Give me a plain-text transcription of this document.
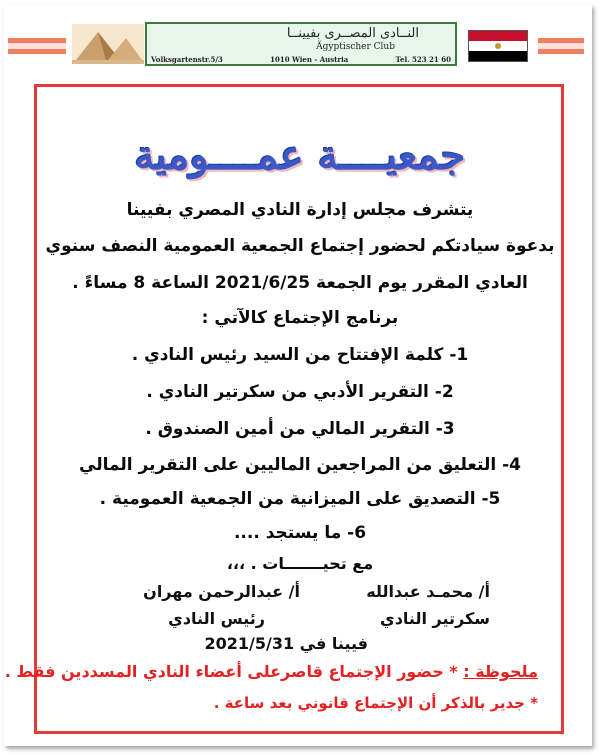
النــادى المصــرى بفيينــا
Ägyptischer Club
Volksgartenstr.5/3	1010 Wien - Austria	Tel. 523 21 60
جمعيــــة عمــــومية
يتشرف مجلس إدارة النادي المصري بفيينا
بدعوة سيادتكم لحضور إجتماع الجمعية العمومية النصف سنوي
العادي المقرر يوم الجمعة 2021/6/25 الساعة 8 مساءً .
برنامج الإجتماع كالآتي :
1- كلمة الإفتتاح من السيد رئيس النادي .
2- التقرير الأدبي من سكرتير النادي .
3- التقرير المالي من أمين الصندوق .
4- التعليق من المراجعين الماليين على التقرير المالي
5- التصديق على الميزانية من الجمعية العمومية .
6- ما يستجد ....
مع تحيـــــــات . ،،،
أ/ محمـد عبدالله
أ/ عبدالرحمن مهران
سكرتير النادي
رئيس النادي
فيينا في 2021/5/31
ملحوظة : * حضور الإجتماع قاصرعلى أعضاء النادي المسددين فقط .
* جدير بالذكر أن الإجتماع قانوني بعد ساعة .
